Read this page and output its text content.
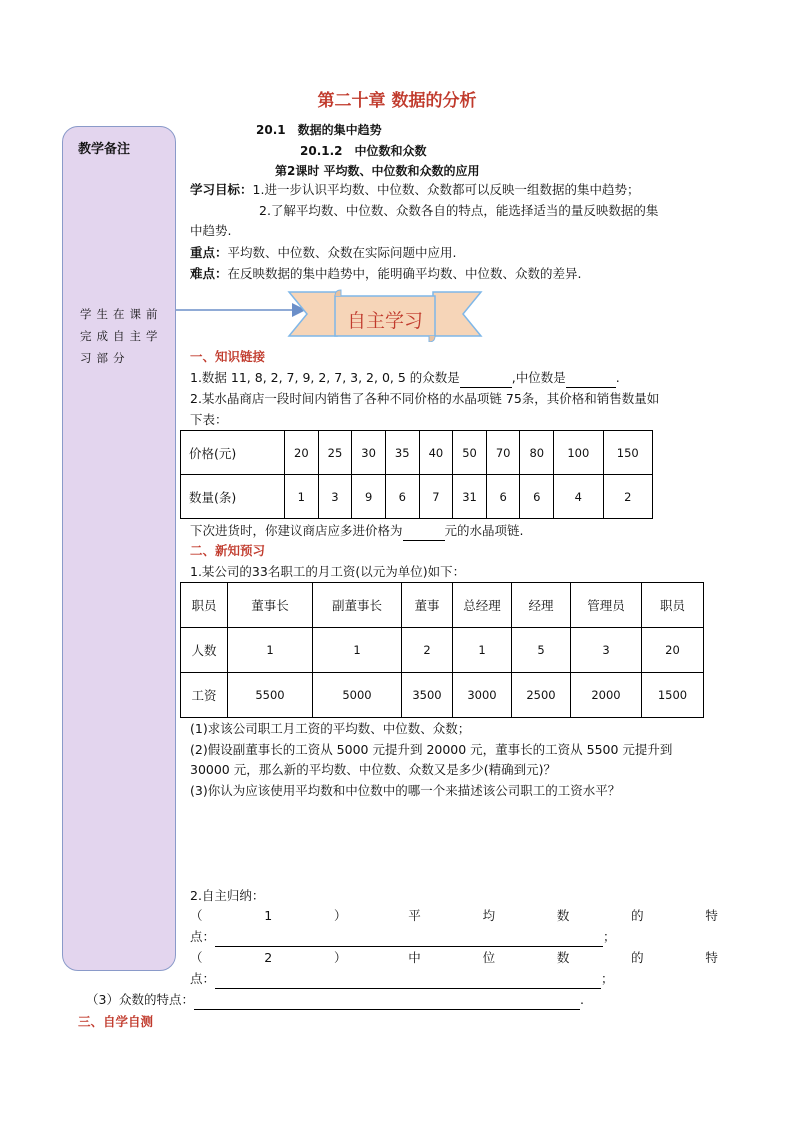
教学备注
学生在课前
完成自主学
习部分
第二十章 数据的分析
20.1　数据的集中趋势
20.1.2　中位数和众数
第2课时 平均数、中位数和众数的应用
学习目标：1.进一步认识平均数、中位数、众数都可以反映一组数据的集中趋势；
2.了解平均数、中位数、众数各自的特点，能选择适当的量反映数据的集
中趋势.
重点：平均数、中位数、众数在实际问题中应用.
难点：在反映数据的集中趋势中，能明确平均数、中位数、众数的差异.
自主学习
一、知识链接
1.数据 11, 8, 2, 7, 9, 2, 7, 3, 2, 0, 5 的众数是	,中位数是	.
2.某水晶商店一段时间内销售了各种不同价格的水晶项链 75条，其价格和销售数量如
下表：
价格(元)	20	25	30	35	40	50	70	80	100	150
数量(条)	1	3	9	6	7	31	6	6	4	2
下次进货时，你建议商店应多进价格为	元的水晶项链.
二、新知预习
1.某公司的33名职工的月工资(以元为单位)如下：
职员	董事长	副董事长	董事	总经理	经理	管理员	职员
人数	1	1	2	1	5	3	20
工资	5500	5000	3500	3000	2500	2000	1500
(1)求该公司职工月工资的平均数、中位数、众数；
(2)假设副董事长的工资从 5000 元提升到 20000 元，董事长的工资从 5500 元提升到
30000 元，那么新的平均数、中位数、众数又是多少(精确到元)？
(3)你认为应该使用平均数和中位数中的哪一个来描述该公司职工的工资水平？
2.自主归纳：
（	1	）	平	均	数	的	特
点：	；
（	2	）	中	位	数	的	特
点：	；
（3）众数的特点：	.
三、自学自测
